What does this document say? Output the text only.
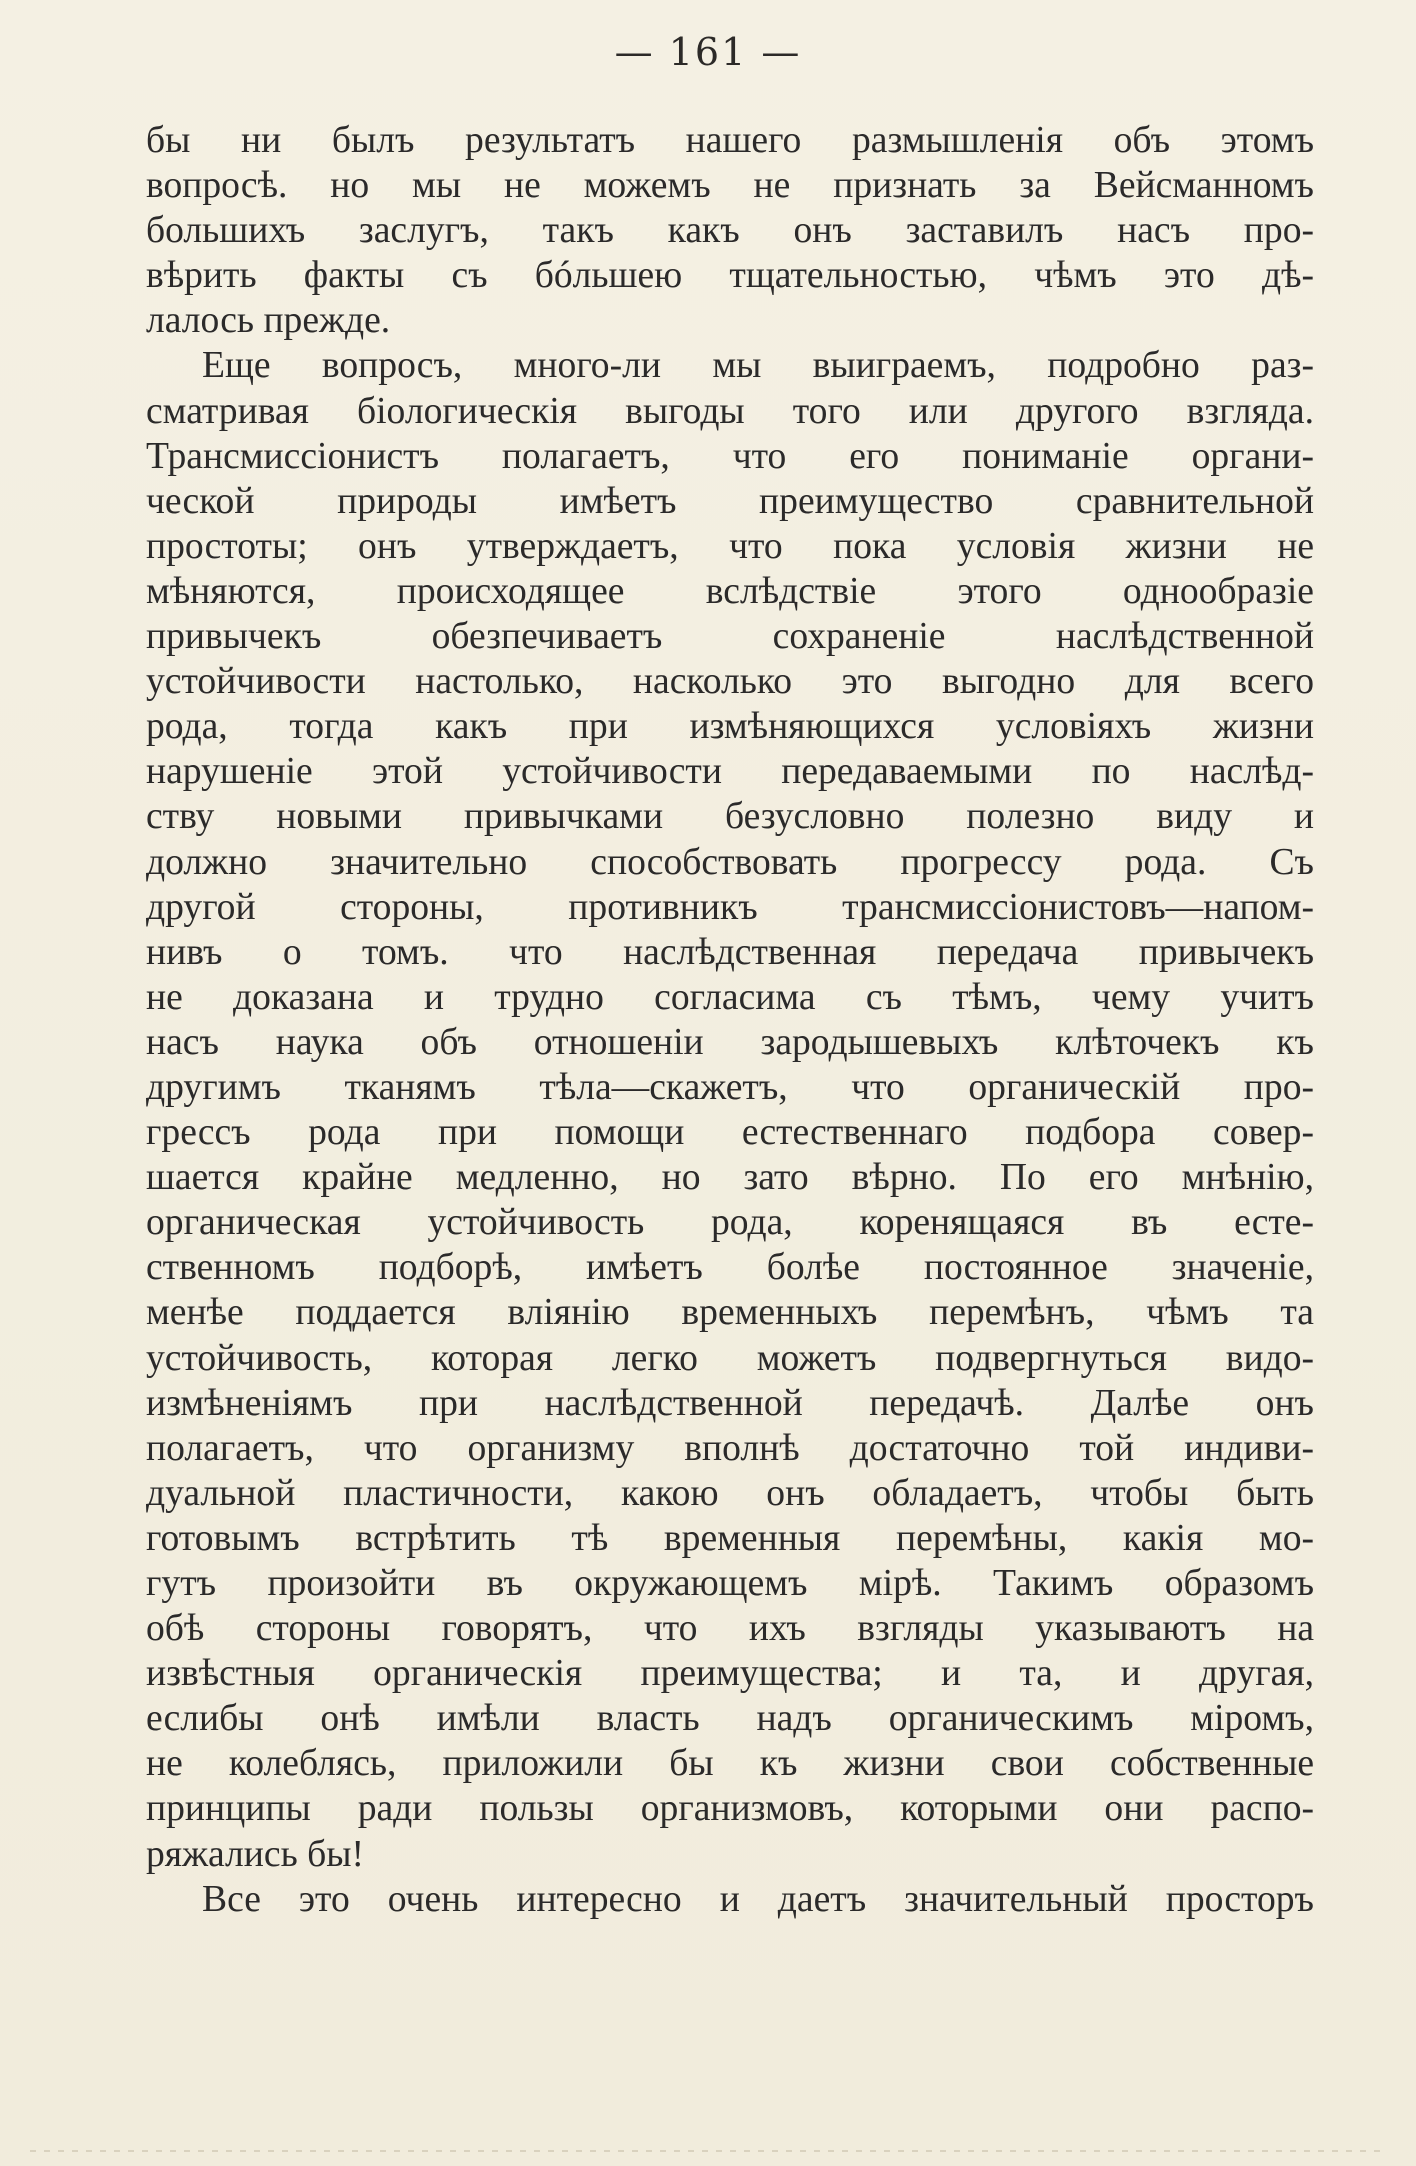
— 161 —
бы ни былъ результатъ нашего размышленія объ этомъ
вопросѣ. но мы не можемъ не признать за Вейсманномъ
большихъ заслугъ, такъ какъ онъ заставилъ насъ про-
вѣрить факты съ бóльшею тщательностью, чѣмъ это дѣ-
лалось прежде.
Еще вопросъ, много-ли мы выиграемъ, подробно раз-
сматривая біологическія выгоды того или другого взгляда.
Трансмиссіонистъ полагаетъ, что его пониманіе органи-
ческой природы имѣетъ преимущество сравнительной
простоты; онъ утверждаетъ, что пока условія жизни не
мѣняются, происходящее вслѣдствіе этого однообразіе
привычекъ обезпечиваетъ сохраненіе наслѣдственной
устойчивости настолько, насколько это выгодно для всего
рода, тогда какъ при измѣняющихся условіяхъ жизни
нарушеніе этой устойчивости передаваемыми по наслѣд-
ству новыми привычками безусловно полезно виду и
должно значительно способствовать прогрессу рода. Съ
другой стороны, противникъ трансмиссіонистовъ—напом-
нивъ о томъ. что наслѣдственная передача привычекъ
не доказана и трудно согласима съ тѣмъ, чему учитъ
насъ наука объ отношеніи зародышевыхъ клѣточекъ къ
другимъ тканямъ тѣла—скажетъ, что органическій про-
грессъ рода при помощи естественнаго подбора совер-
шается крайне медленно, но зато вѣрно. По его мнѣнію,
органическая устойчивость рода, коренящаяся въ есте-
ственномъ подборѣ, имѣетъ болѣе постоянное значеніе,
менѣе поддается вліянію временныхъ перемѣнъ, чѣмъ та
устойчивость, которая легко можетъ подвергнуться видо-
измѣненіямъ при наслѣдственной передачѣ. Далѣе онъ
полагаетъ, что организму вполнѣ достаточно той индиви-
дуальной пластичности, какою онъ обладаетъ, чтобы быть
готовымъ встрѣтить тѣ временныя перемѣны, какія мо-
гутъ произойти въ окружающемъ мірѣ. Такимъ образомъ
обѣ стороны говорятъ, что ихъ взгляды указываютъ на
извѣстныя органическія преимущества; и та, и другая,
еслибы онѣ имѣли власть надъ органическимъ міромъ,
не колеблясь, приложили бы къ жизни свои собственные
принципы ради пользы организмовъ, которыми они распо-
ряжались бы!
Все это очень интересно и даетъ значительный просторъ
